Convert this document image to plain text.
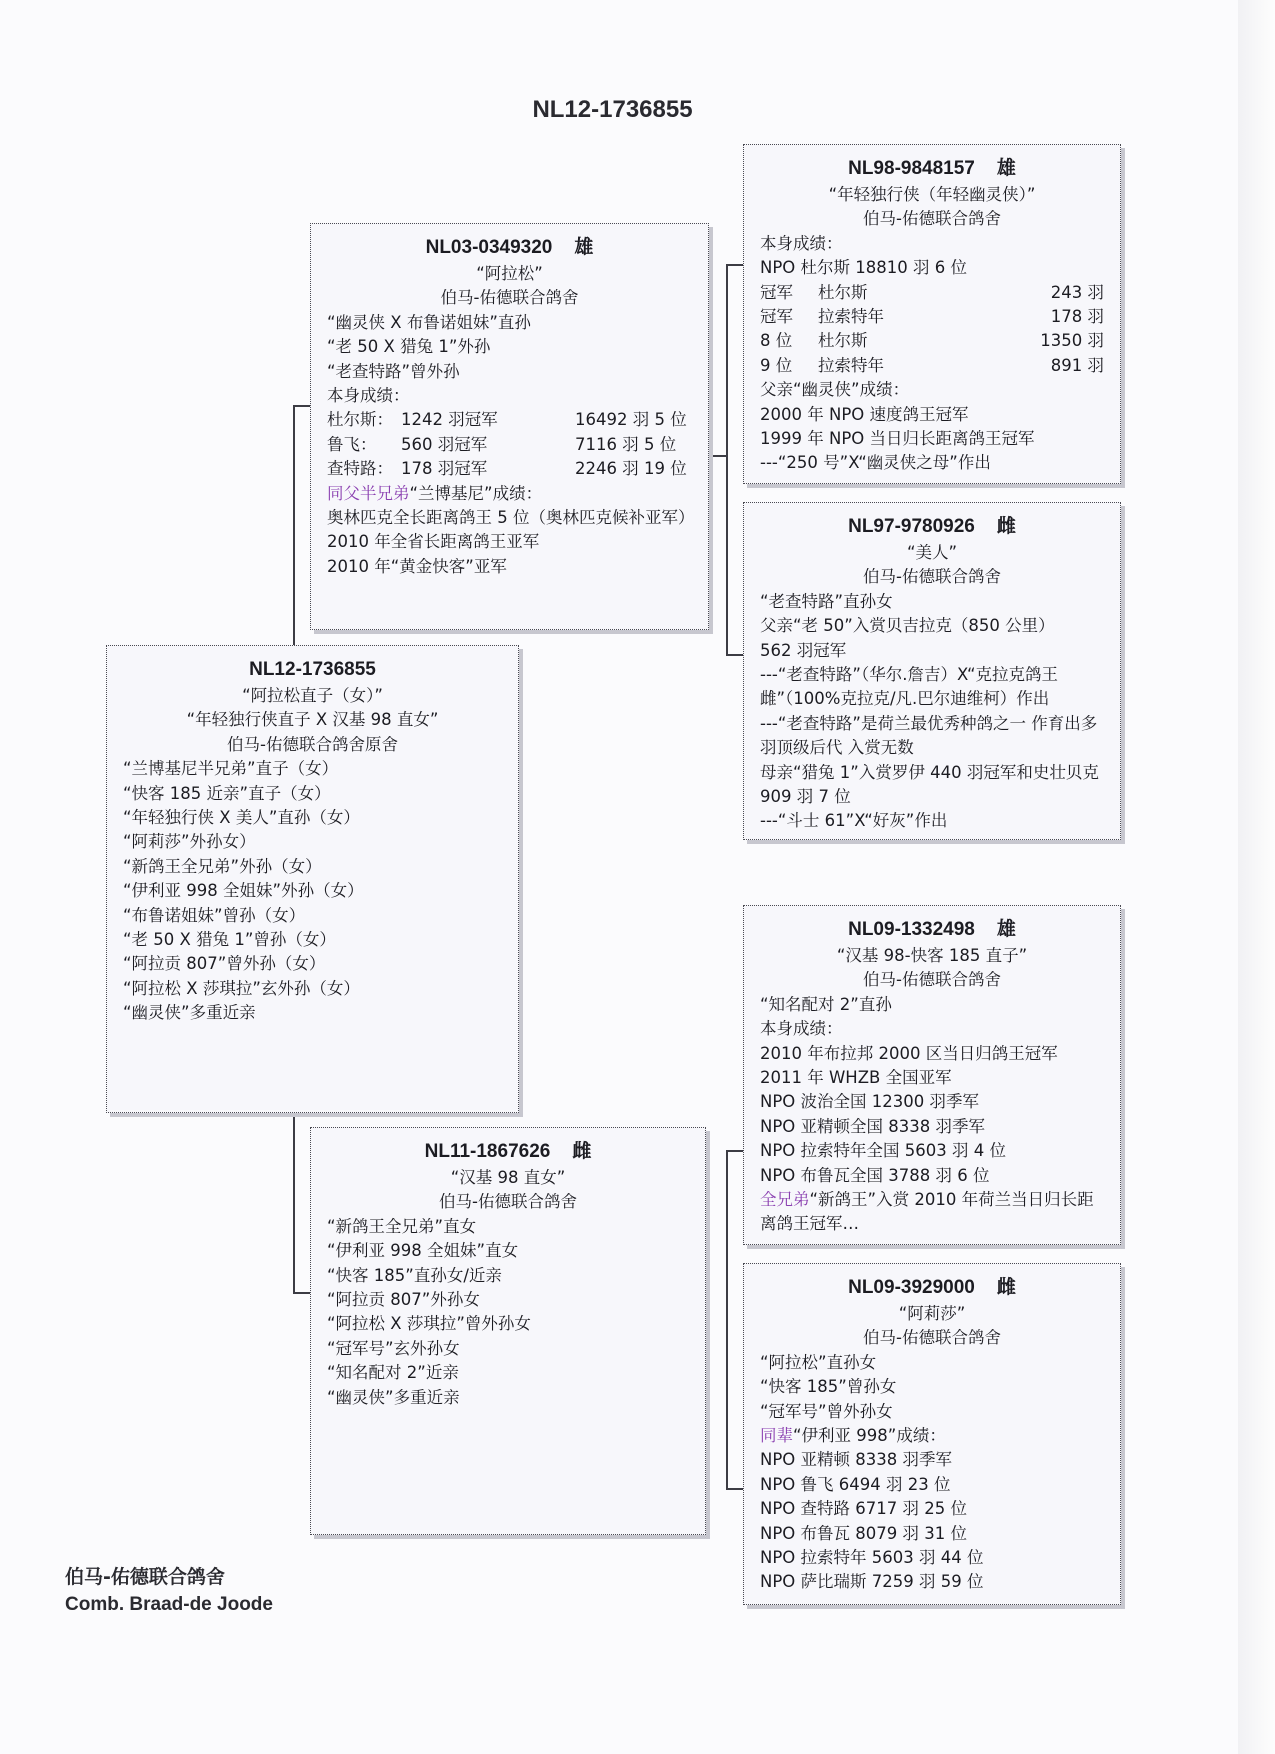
NL12-1736855
NL03-0349320 雄
“阿拉松”
伯马-佑德联合鸽舍
“幽灵侠 X 布鲁诺姐妹”直孙
“老 50 X 猎兔 1”外孙
“老查特路”曾外孙
本身成绩：
杜尔斯： 1242 羽冠军	16492 羽 5 位
鲁飞：	560 羽冠军	7116 羽 5 位
查特路： 178 羽冠军	2246 羽 19 位
同父半兄弟“兰博基尼”成绩：
奥林匹克全长距离鸽王 5 位（奥林匹克候补亚军）
2010 年全省长距离鸽王亚军
2010 年“黄金快客”亚军
NL12-1736855
“阿拉松直子（女）”
“年轻独行侠直子 X 汉基 98 直女”
伯马-佑德联合鸽舍原舍
“兰博基尼半兄弟”直子（女）
“快客 185 近亲”直子（女）
“年轻独行侠 X 美人”直孙（女）
“阿莉莎”外孙女）
“新鸽王全兄弟”外孙（女）
“伊利亚 998 全姐妹”外孙（女）
“布鲁诺姐妹”曾孙（女）
“老 50 X 猎兔 1”曾孙（女）
“阿拉贡 807”曾外孙（女）
“阿拉松 X 莎琪拉”玄外孙（女）
“幽灵侠”多重近亲
NL11-1867626 雌
“汉基 98 直女”
伯马-佑德联合鸽舍
“新鸽王全兄弟”直女
“伊利亚 998 全姐妹”直女
“快客 185”直孙女/近亲
“阿拉贡 807”外孙女
“阿拉松 X 莎琪拉”曾外孙女
“冠军号”玄外孙女
“知名配对 2”近亲
“幽灵侠”多重近亲
NL98-9848157 雄
“年轻独行侠（年轻幽灵侠）”
伯马-佑德联合鸽舍
本身成绩：
NPO 杜尔斯 18810 羽 6 位
冠军	杜尔斯	243 羽
冠军	拉索特年	178 羽
8 位	杜尔斯	1350 羽
9 位	拉索特年	891 羽
父亲“幽灵侠”成绩：
2000 年 NPO 速度鸽王冠军
1999 年 NPO 当日归长距离鸽王冠军
---“250 号”X“幽灵侠之母”作出
NL97-9780926 雌
“美人”
伯马-佑德联合鸽舍
“老查特路”直孙女
父亲“老 50”入赏贝吉拉克（850 公里）
562 羽冠军
---“老查特路”（华尔.詹吉）X“克拉克鸽王雌”（100%克拉克/凡.巴尔迪维柯）作出
---“老查特路”是荷兰最优秀种鸽之一 作育出多羽顶级后代 入赏无数
母亲“猎兔 1”入赏罗伊 440 羽冠军和史壮贝克 909 羽 7 位
---“斗士 61”X“好灰”作出
NL09-1332498 雄
“汉基 98-快客 185 直子”
伯马-佑德联合鸽舍
“知名配对 2”直孙
本身成绩：
2010 年布拉邦 2000 区当日归鸽王冠军
2011 年 WHZB 全国亚军
NPO 波治全国 12300 羽季军
NPO 亚精顿全国 8338 羽季军
NPO 拉索特年全国 5603 羽 4 位
NPO 布鲁瓦全国 3788 羽 6 位
全兄弟“新鸽王”入赏 2010 年荷兰当日归长距离鸽王冠军…
NL09-3929000 雌
“阿莉莎”
伯马-佑德联合鸽舍
“阿拉松”直孙女
“快客 185”曾孙女
“冠军号”曾外孙女
同辈“伊利亚 998”成绩：
NPO 亚精顿 8338 羽季军
NPO 鲁飞 6494 羽 23 位
NPO 查特路 6717 羽 25 位
NPO 布鲁瓦 8079 羽 31 位
NPO 拉索特年 5603 羽 44 位
NPO 萨比瑞斯 7259 羽 59 位
伯马-佑德联合鸽舍
Comb. Braad-de Joode
